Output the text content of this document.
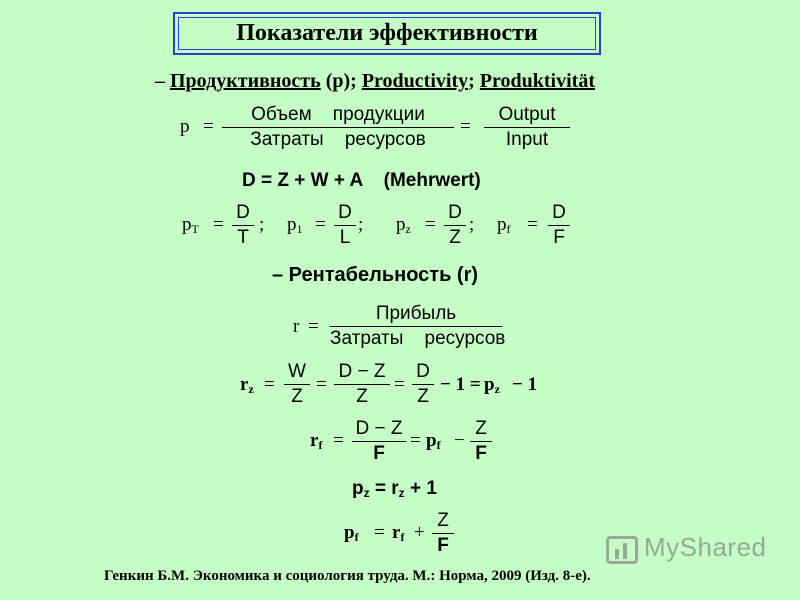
Показатели эффективности
– Продуктивность (p); Productivity; Produktivität
p =
Объем    продукции
Затраты    ресурсов
=
Output
Input
D = Z + W + A    (Mehrwert)
$p_T$ =
D
T
; $p_1$ =
D
L
; $p_z$ =
D
Z
; $p_f$ =
D
F
– Рентабельность (r)
r =
Прибыль
Затраты    ресурсов
$r_z$ =
W
Z
=
D − Z
Z
=
D
Z
− $1 = p_z - 1$
$r_f$ =
D − Z
F
= $p_f$ −
Z
F
$p_z = r_z + 1$
$p_f = r_f$ +
Z
F	MyShared
Генкин Б.М. Экономика и социология труда. М.: Норма, 2009 (Изд. 8-е).
